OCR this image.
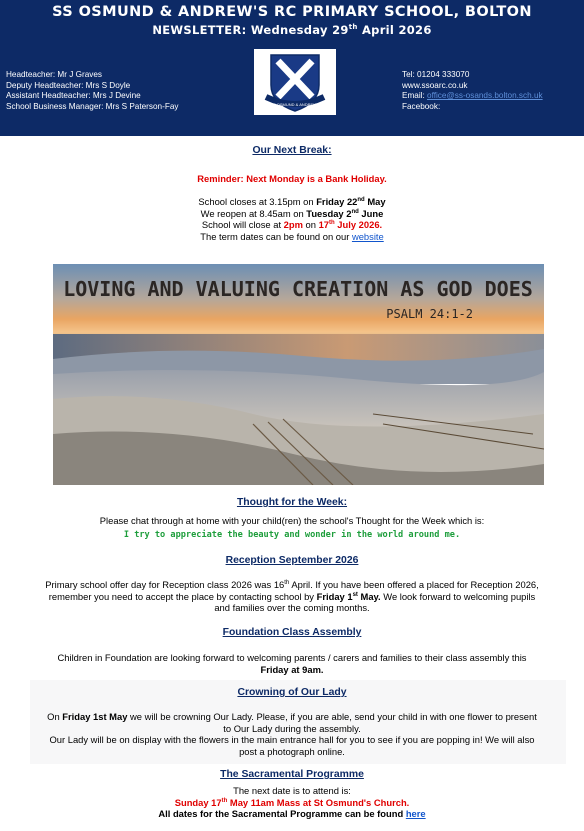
SS OSMUND & ANDREW'S RC PRIMARY SCHOOL, BOLTON
NEWSLETTER: Wednesday 29th April 2026
Headteacher: Mr J Graves
Deputy Headteacher: Mrs S Doyle
Assistant Headteacher: Mrs J Devine
School Business Manager: Mrs S Paterson-Fay	SS OSMUND & ANDREWS
Tel: 01204 333070
www.ssoarc.co.uk
Email: office@ss-osands.bolton.sch.uk
Facebook:
Our Next Break:
Reminder: Next Monday is a Bank Holiday.
School closes at 3.15pm on Friday 22nd May
We reopen at 8.45am on Tuesday 2nd June
School will close at 2pm on 17th July 2026.
The term dates can be found on our website
LOVING AND VALUING CREATION AS GOD DOES
PSALM 24:1-2
Thought for the Week:
Please chat through at home with your child(ren) the school's Thought for the Week which is:
I try to appreciate the beauty and wonder in the world around me.
Reception September 2026
Primary school offer day for Reception class 2026 was 16th April. If you have been offered a placed for Reception 2026,
remember you need to accept the place by contacting school by Friday 1st May. We look forward to welcoming pupils
and families over the coming months.
Foundation Class Assembly
Children in Foundation are looking forward to welcoming parents / carers and families to their class assembly this
Friday at 9am.
Crowning of Our Lady
On Friday 1st May we will be crowning Our Lady. Please, if you are able, send your child in with one flower to present
to Our Lady during the assembly.
Our Lady will be on display with the flowers in the main entrance hall for you to see if you are popping in! We will also
post a photograph online.
The Sacramental Programme
The next date is to attend is:
Sunday 17th May 11am Mass at St Osmund's Church.
All dates for the Sacramental Programme can be found here
